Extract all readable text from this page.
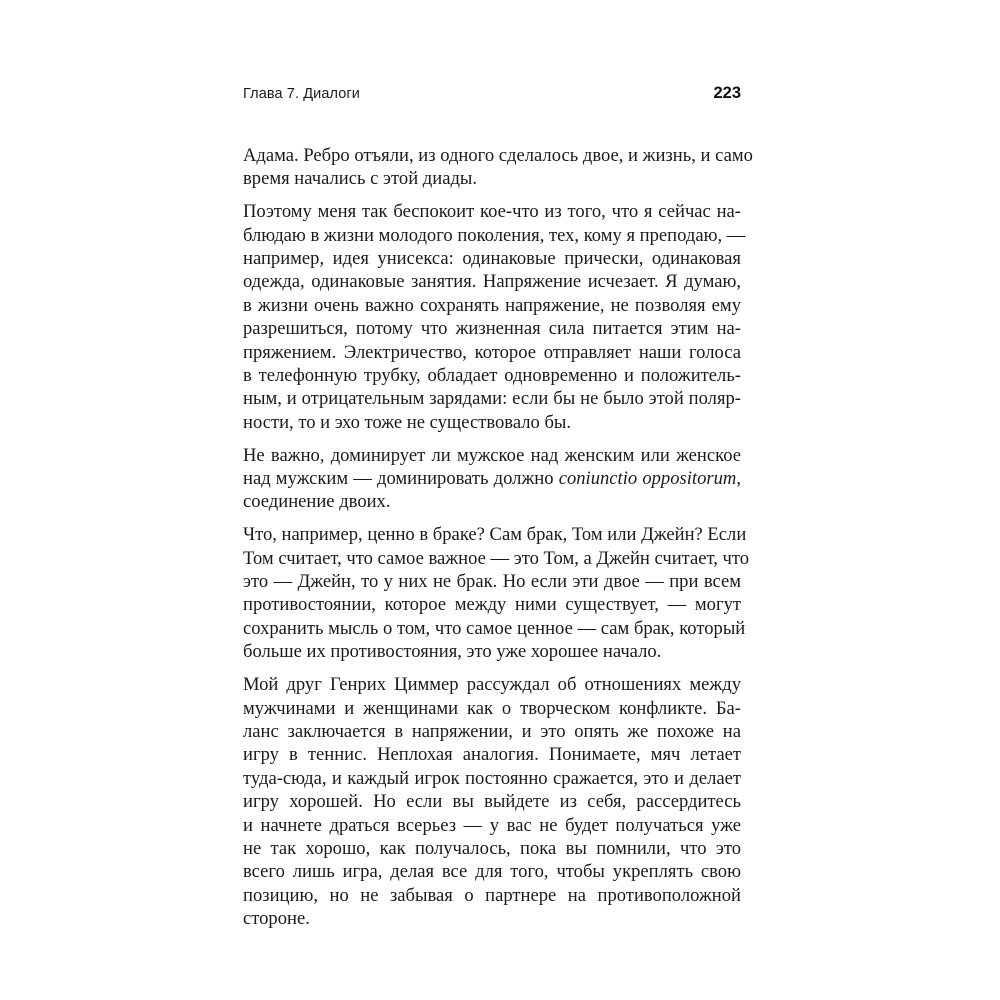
Глава 7. Диалоги	223

Адама. Ребро отъяли, из одного сделалось двое, и жизнь, и само
время начались с этой диады.

Поэтому меня так беспокоит кое-что из того, что я сейчас на-
блюдаю в жизни молодого поколения, тех, кому я преподаю, —
например, идея унисекса: одинаковые прически, одинаковая
одежда, одинаковые занятия. Напряжение исчезает. Я думаю,
в жизни очень важно сохранять напряжение, не позволяя ему
разрешиться, потому что жизненная сила питается этим на-
пряжением. Электричество, которое отправляет наши голоса
в телефонную трубку, обладает одновременно и положитель-
ным, и отрицательным зарядами: если бы не было этой поляр-
ности, то и эхо тоже не существовало бы.

Не важно, доминирует ли мужское над женским или женское
над мужским — доминировать должно coniunctio oppositorum,
соединение двоих.

Что, например, ценно в браке? Сам брак, Том или Джейн? Если
Том считает, что самое важное — это Том, а Джейн считает, что
это — Джейн, то у них не брак. Но если эти двое — при всем
противостоянии, которое между ними существует, — могут
сохранить мысль о том, что самое ценное — сам брак, который
больше их противостояния, это уже хорошее начало.

Мой друг Генрих Циммер рассуждал об отношениях между
мужчинами и женщинами как о творческом конфликте. Ба-
ланс заключается в напряжении, и это опять же похоже на
игру в теннис. Неплохая аналогия. Понимаете, мяч летает
туда-сюда, и каждый игрок постоянно сражается, это и делает
игру хорошей. Но если вы выйдете из себя, рассердитесь
и начнете драться всерьез — у вас не будет получаться уже
не так хорошо, как получалось, пока вы помнили, что это
всего лишь игра, делая все для того, чтобы укреплять свою
позицию, но не забывая о партнере на противоположной
стороне.
